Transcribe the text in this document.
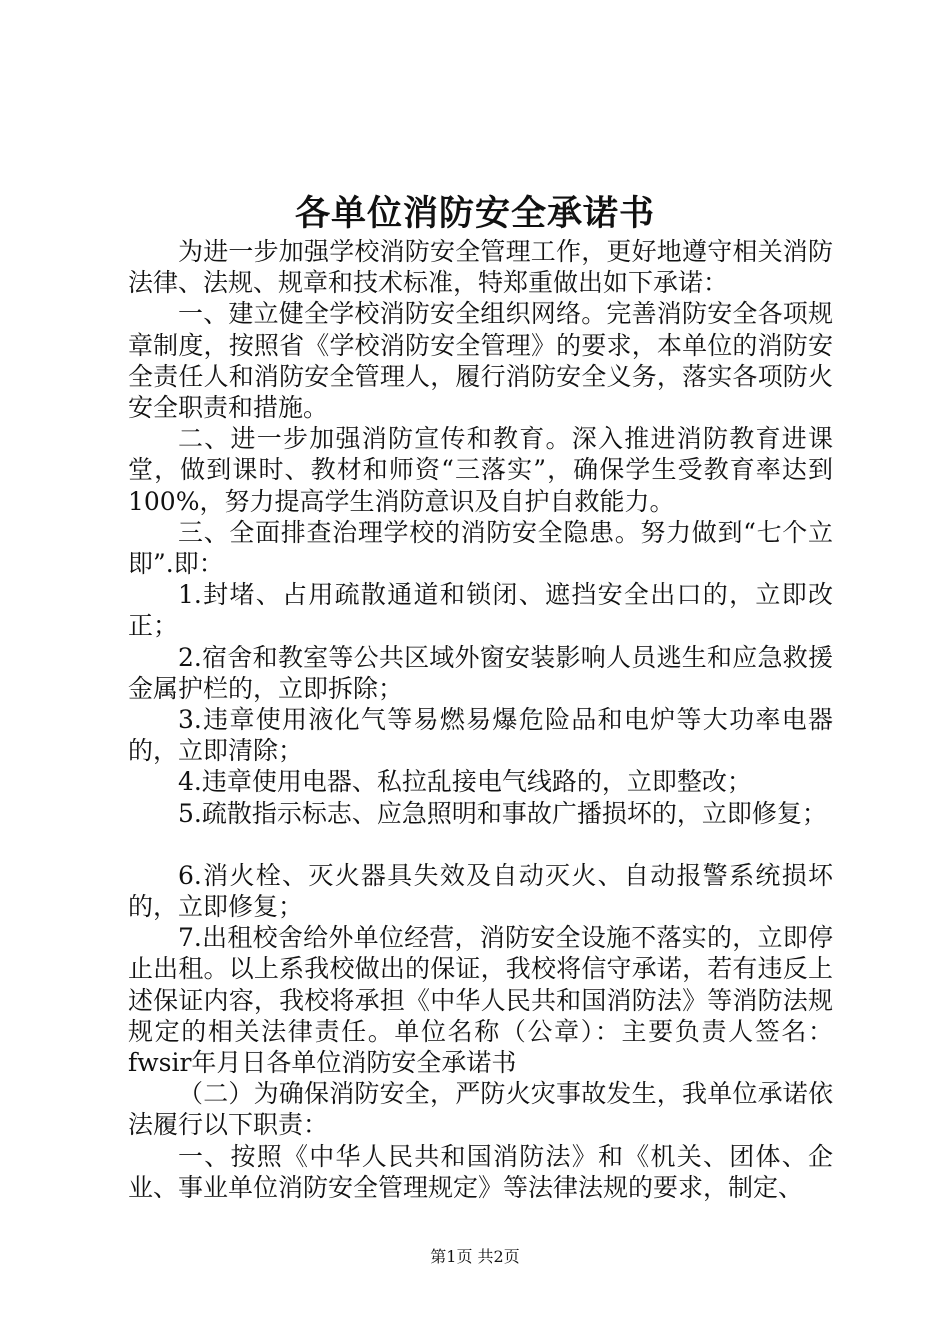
各单位消防安全承诺书

为进一步加强学校消防安全管理工作，更好地遵守相关消防法律、法规、规章和技术标准，特郑重做出如下承诺：

一、建立健全学校消防安全组织网络。完善消防安全各项规章制度，按照省《学校消防安全管理》的要求，本单位的消防安全责任人和消防安全管理人，履行消防安全义务，落实各项防火安全职责和措施。

二、进一步加强消防宣传和教育。深入推进消防教育进课堂，做到课时、教材和师资“三落实”，确保学生受教育率达到100%，努力提高学生消防意识及自护自救能力。

三、全面排查治理学校的消防安全隐患。努力做到“七个立即”.即：

1.封堵、占用疏散通道和锁闭、遮挡安全出口的，立即改正；

2.宿舍和教室等公共区域外窗安装影响人员逃生和应急救援金属护栏的，立即拆除；

3.违章使用液化气等易燃易爆危险品和电炉等大功率电器的，立即清除；

4.违章使用电器、私拉乱接电气线路的，立即整改；

5.疏散指示标志、应急照明和事故广播损坏的，立即修复；

6.消火栓、灭火器具失效及自动灭火、自动报警系统损坏的，立即修复；

7.出租校舍给外单位经营，消防安全设施不落实的，立即停止出租。以上系我校做出的保证，我校将信守承诺，若有违反上述保证内容，我校将承担《中华人民共和国消防法》等消防法规规定的相关法律责任。单位名称（公章）：主要负责人签名：fwsir年月日各单位消防安全承诺书

（二）为确保消防安全，严防火灾事故发生，我单位承诺依法履行以下职责：

一、按照《中华人民共和国消防法》和《机关、团体、企业、事业单位消防安全管理规定》等法律法规的要求，制定、

第1页 共2页
